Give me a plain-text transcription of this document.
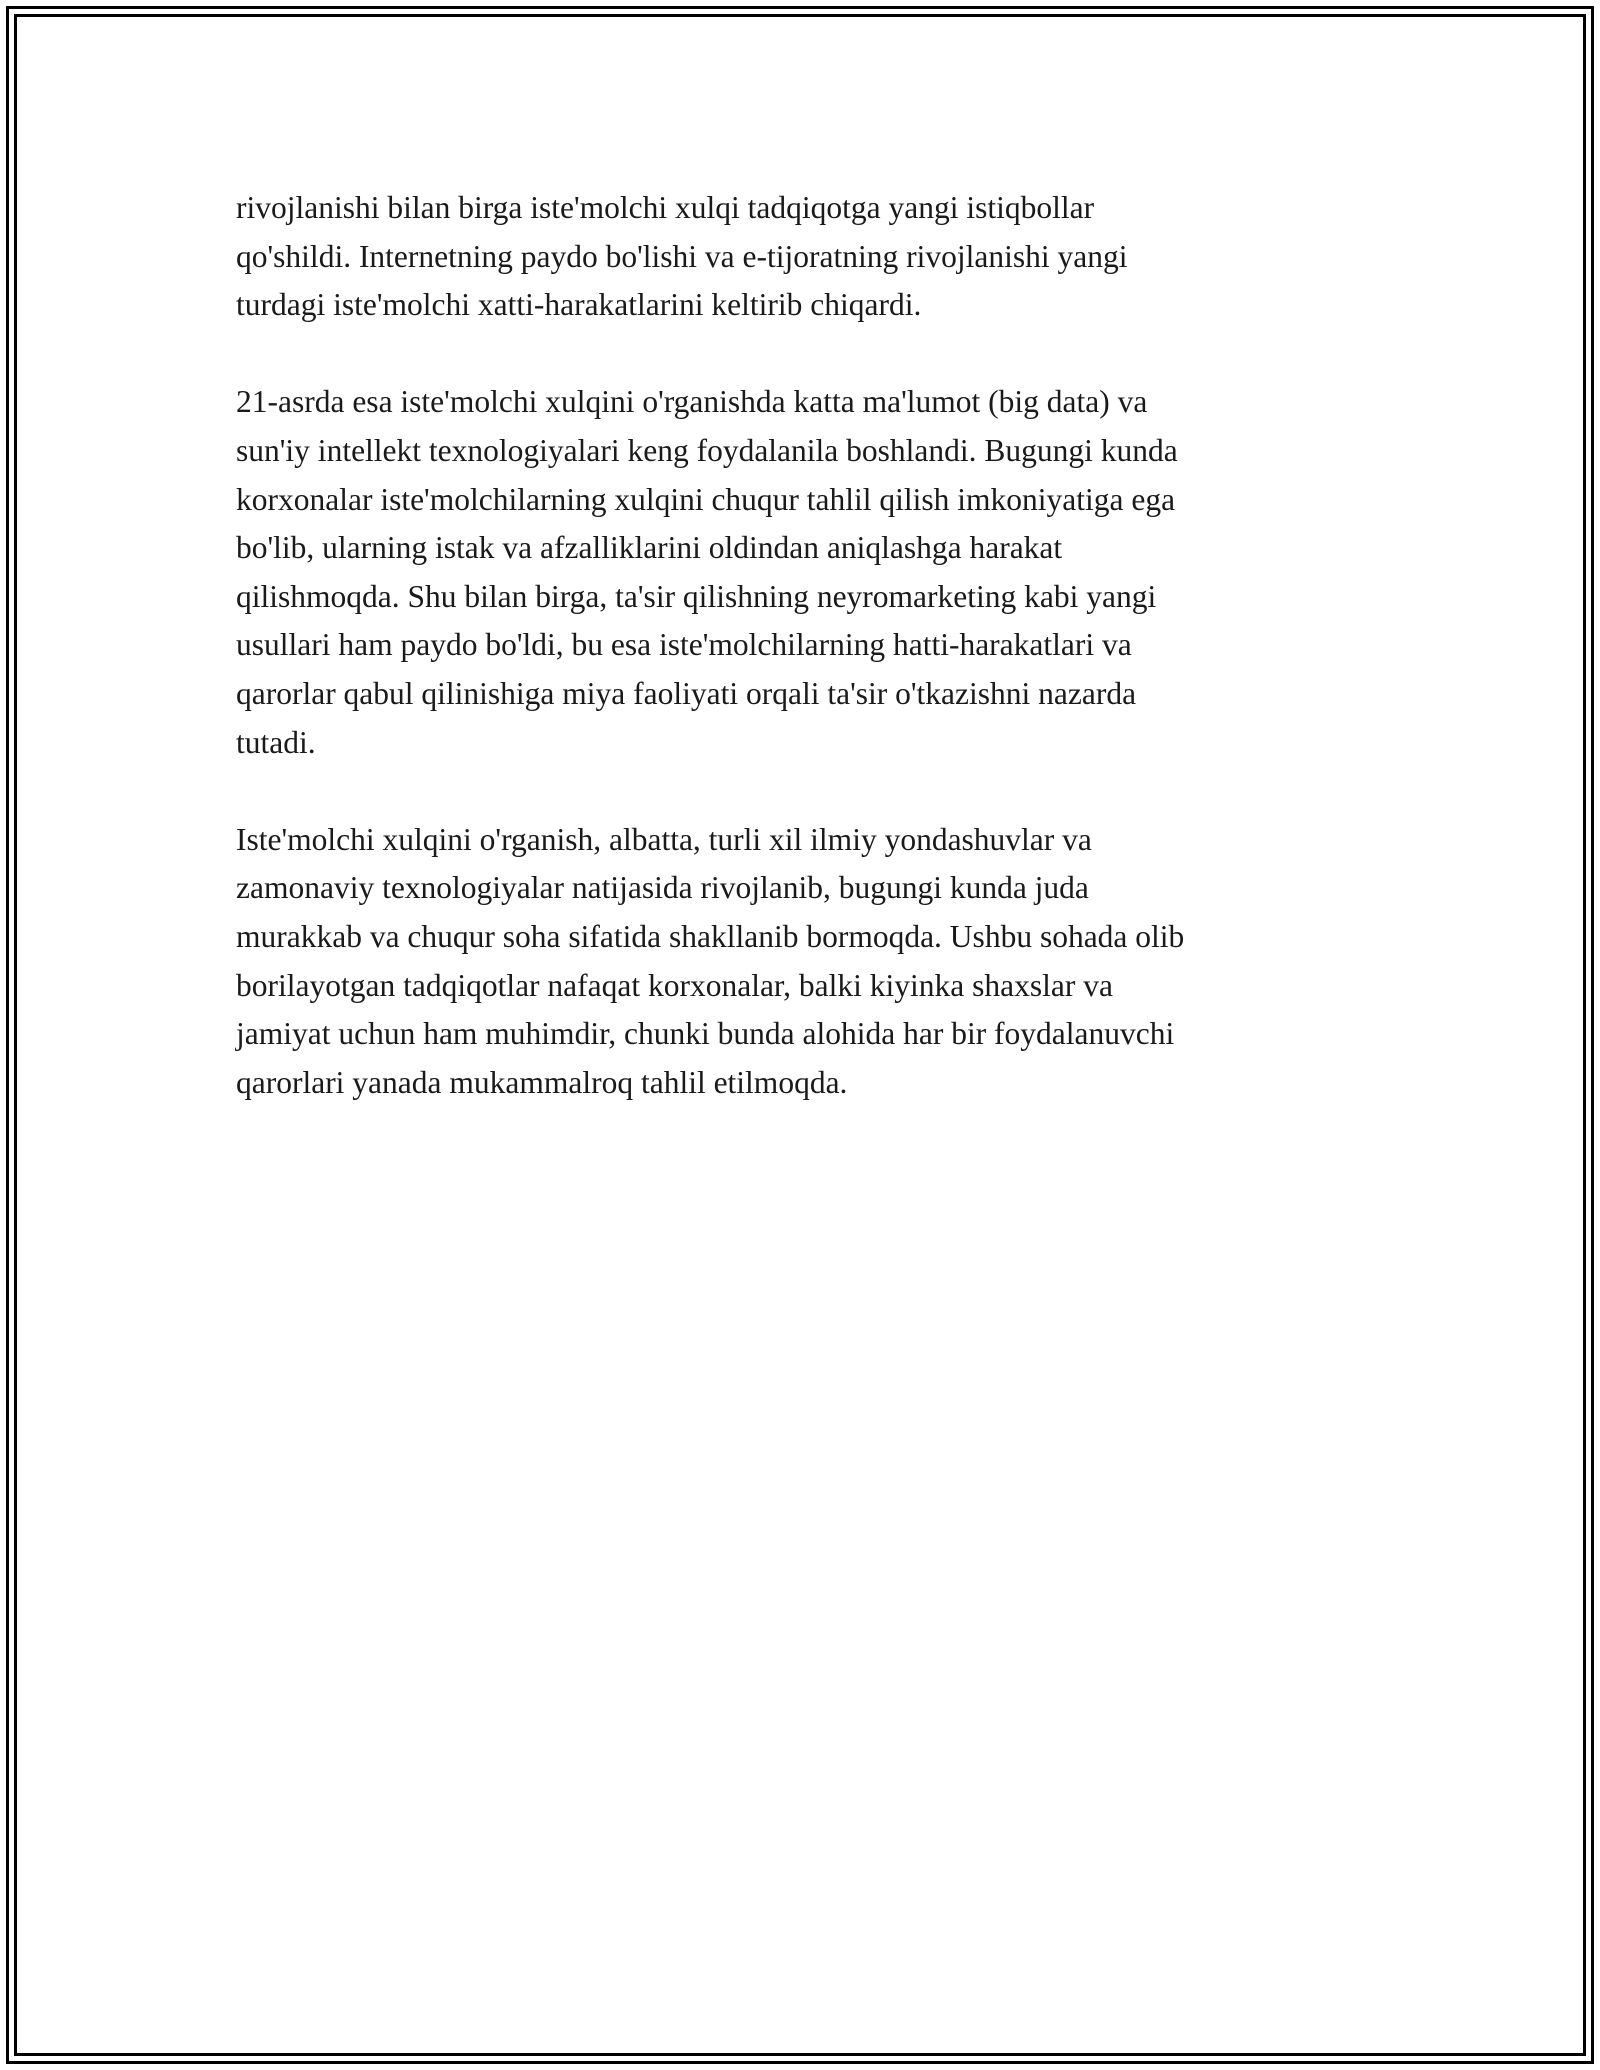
rivojlanishi bilan birga iste'molchi xulqi tadqiqotga yangi istiqbollar
qo'shildi. Internetning paydo bo'lishi va e-tijoratning rivojlanishi yangi
turdagi iste'molchi xatti-harakatlarini keltirib chiqardi.

21-asrda esa iste'molchi xulqini o'rganishda katta ma'lumot (big data) va
sun'iy intellekt texnologiyalari keng foydalanila boshlandi. Bugungi kunda
korxonalar iste'molchilarning xulqini chuqur tahlil qilish imkoniyatiga ega
bo'lib, ularning istak va afzalliklarini oldindan aniqlashga harakat
qilishmoqda. Shu bilan birga, ta'sir qilishning neyromarketing kabi yangi
usullari ham paydo bo'ldi, bu esa iste'molchilarning hatti-harakatlari va
qarorlar qabul qilinishiga miya faoliyati orqali ta'sir o'tkazishni nazarda
tutadi.

Iste'molchi xulqini o'rganish, albatta, turli xil ilmiy yondashuvlar va
zamonaviy texnologiyalar natijasida rivojlanib, bugungi kunda juda
murakkab va chuqur soha sifatida shakllanib bormoqda. Ushbu sohada olib
borilayotgan tadqiqotlar nafaqat korxonalar, balki kiyinka shaxslar va
jamiyat uchun ham muhimdir, chunki bunda alohida har bir foydalanuvchi
qarorlari yanada mukammalroq tahlil etilmoqda.
